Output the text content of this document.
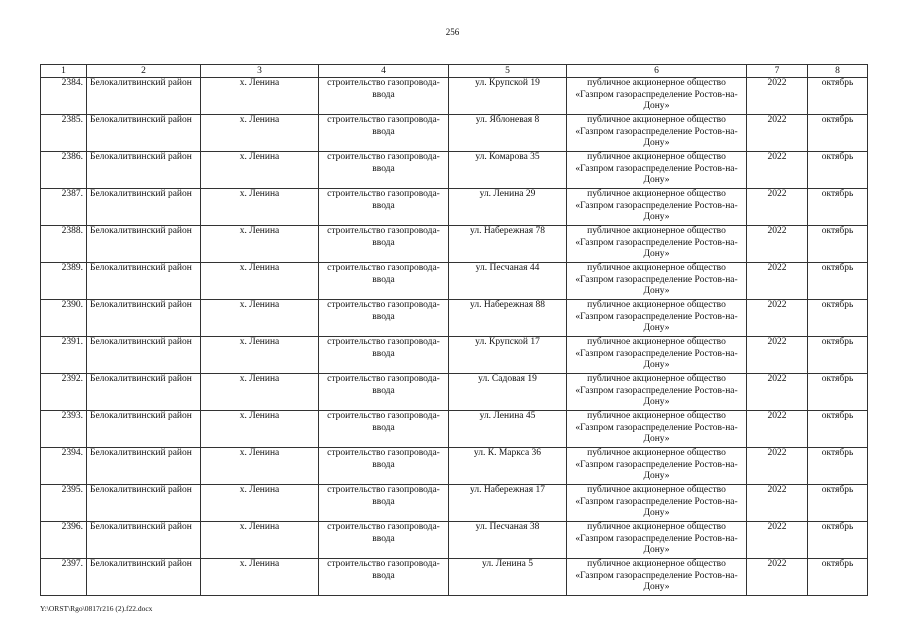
256
1	2	3	4	5	6	7	8
2384.	Белокалитвинский район	х. Ленина	строительство газопровода-ввода	ул. Крупской 19	публичное акционерное общество «Газпром газораспределение Ростов-на-Дону»	2022	октябрь
2385.	Белокалитвинский район	х. Ленина	строительство газопровода-ввода	ул. Яблоневая 8	публичное акционерное общество «Газпром газораспределение Ростов-на-Дону»	2022	октябрь
2386.	Белокалитвинский район	х. Ленина	строительство газопровода-ввода	ул. Комарова 35	публичное акционерное общество «Газпром газораспределение Ростов-на-Дону»	2022	октябрь
2387.	Белокалитвинский район	х. Ленина	строительство газопровода-ввода	ул. Ленина 29	публичное акционерное общество «Газпром газораспределение Ростов-на-Дону»	2022	октябрь
2388.	Белокалитвинский район	х. Ленина	строительство газопровода-ввода	ул. Набережная 78	публичное акционерное общество «Газпром газораспределение Ростов-на-Дону»	2022	октябрь
2389.	Белокалитвинский район	х. Ленина	строительство газопровода-ввода	ул. Песчаная 44	публичное акционерное общество «Газпром газораспределение Ростов-на-Дону»	2022	октябрь
2390.	Белокалитвинский район	х. Ленина	строительство газопровода-ввода	ул. Набережная 88	публичное акционерное общество «Газпром газораспределение Ростов-на-Дону»	2022	октябрь
2391.	Белокалитвинский район	х. Ленина	строительство газопровода-ввода	ул. Крупской 17	публичное акционерное общество «Газпром газораспределение Ростов-на-Дону»	2022	октябрь
2392.	Белокалитвинский район	х. Ленина	строительство газопровода-ввода	ул. Садовая 19	публичное акционерное общество «Газпром газораспределение Ростов-на-Дону»	2022	октябрь
2393.	Белокалитвинский район	х. Ленина	строительство газопровода-ввода	ул. Ленина 45	публичное акционерное общество «Газпром газораспределение Ростов-на-Дону»	2022	октябрь
2394.	Белокалитвинский район	х. Ленина	строительство газопровода-ввода	ул. К. Маркса 36	публичное акционерное общество «Газпром газораспределение Ростов-на-Дону»	2022	октябрь
2395.	Белокалитвинский район	х. Ленина	строительство газопровода-ввода	ул. Набережная 17	публичное акционерное общество «Газпром газораспределение Ростов-на-Дону»	2022	октябрь
2396.	Белокалитвинский район	х. Ленина	строительство газопровода-ввода	ул. Песчаная 38	публичное акционерное общество «Газпром газораспределение Ростов-на-Дону»	2022	октябрь
2397.	Белокалитвинский район	х. Ленина	строительство газопровода-ввода	ул. Ленина 5	публичное акционерное общество «Газпром газораспределение Ростов-на-Дону»	2022	октябрь
Y:\ORST\Rgo\0817r216 (2).f22.docx
